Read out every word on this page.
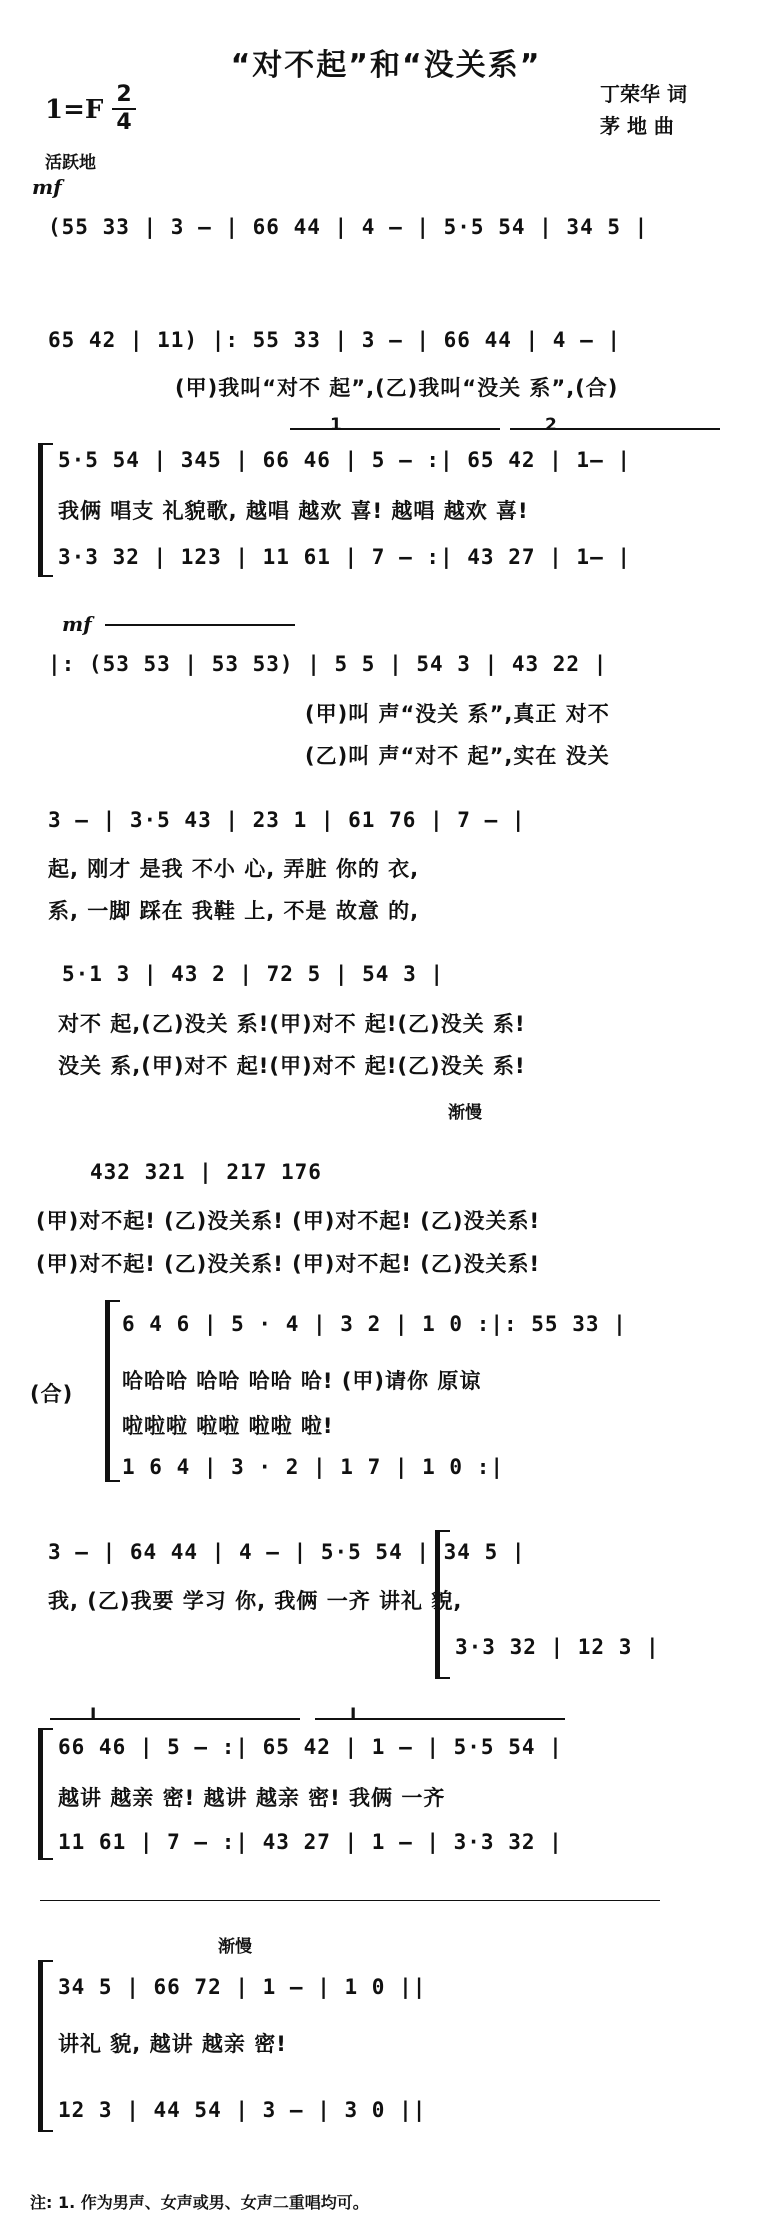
“对不起”和“没关系”
1=F
2
4
丁荣华 词
茅 地 曲
活跃地
mf
(55 33 | 3 — | 66 44 | 4 — | 5·5 54 | 34 5 |
65 42 | 11) |: 55 33 | 3 — | 66 44 | 4 — |
(甲)我叫“对不 起”,(乙)我叫“没关 系”,(合)
1	2
5·5 54 | 345 | 66 46 | 5 — :| 65 42 | 1— |
我俩 唱支 礼貌歌, 越唱 越欢 喜! 越唱 越欢 喜!
3·3 32 | 123 | 11 61 | 7 — :| 43 27 | 1— |
mf
|: (53 53 | 53 53) | 5 5 | 54 3 | 43 22 |
(甲)叫 声“没关 系”,真正 对不
(乙)叫 声“对不 起”,实在 没关
3 — | 3·5 43 | 23 1 | 61 76 | 7 — |
起, 刚才 是我 不小 心, 弄脏 你的 衣,
系, 一脚 踩在 我鞋 上, 不是 故意 的,
5·1 3 | 43 2 | 72 5 | 54 3 |
对不 起,(乙)没关 系!(甲)对不 起!(乙)没关 系!
没关 系,(甲)对不 起!(甲)对不 起!(乙)没关 系!
渐慢
432 321 | 217 176
(甲)对不起! (乙)没关系! (甲)对不起! (乙)没关系!
(甲)对不起! (乙)没关系! (甲)对不起! (乙)没关系!
(合)
6 4 6 | 5 · 4 | 3 2 | 1 0 :|: 55 33 |
哈哈哈 哈哈 哈哈 哈! (甲)请你 原谅
啦啦啦 啦啦 啦啦 啦!
1 6 4 | 3 · 2 | 1 7 | 1 0 :|
3 — | 64 44 | 4 — | 5·5 54 | 34 5 |
我, (乙)我要 学习 你, 我俩 一齐 讲礼 貌,
3·3 32 | 12 3 |
I	I
66 46 | 5 — :| 65 42 | 1 — | 5·5 54 |
越讲 越亲 密! 越讲 越亲 密! 我俩 一齐
11 61 | 7 — :| 43 27 | 1 — | 3·3 32 |
渐慢
34 5 | 66 72 | 1 — | 1 0 ||
讲礼 貌, 越讲 越亲 密!
12 3 | 44 54 | 3 — | 3 0 ||
注: 1. 作为男声、女声或男、女声二重唱均可。
